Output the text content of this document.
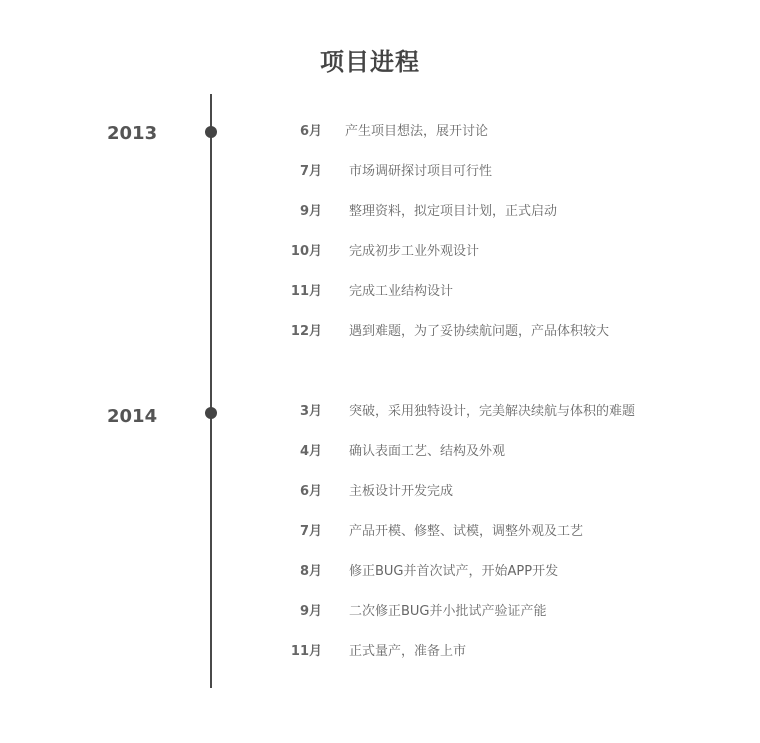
项目进程
2013	6月 产生项目想法，展开讨论
7月 市场调研探讨项目可行性
9月 整理资料，拟定项目计划，正式启动
10月 完成初步工业外观设计
11月 完成工业结构设计
12月 遇到难题，为了妥协续航问题，产品体积较大
2014	3月 突破，采用独特设计，完美解决续航与体积的难题
4月 确认表面工艺、结构及外观
6月 主板设计开发完成
7月 产品开模、修整、试模，调整外观及工艺
8月 修正BUG并首次试产，开始APP开发
9月 二次修正BUG并小批试产验证产能
11月 正式量产，准备上市
